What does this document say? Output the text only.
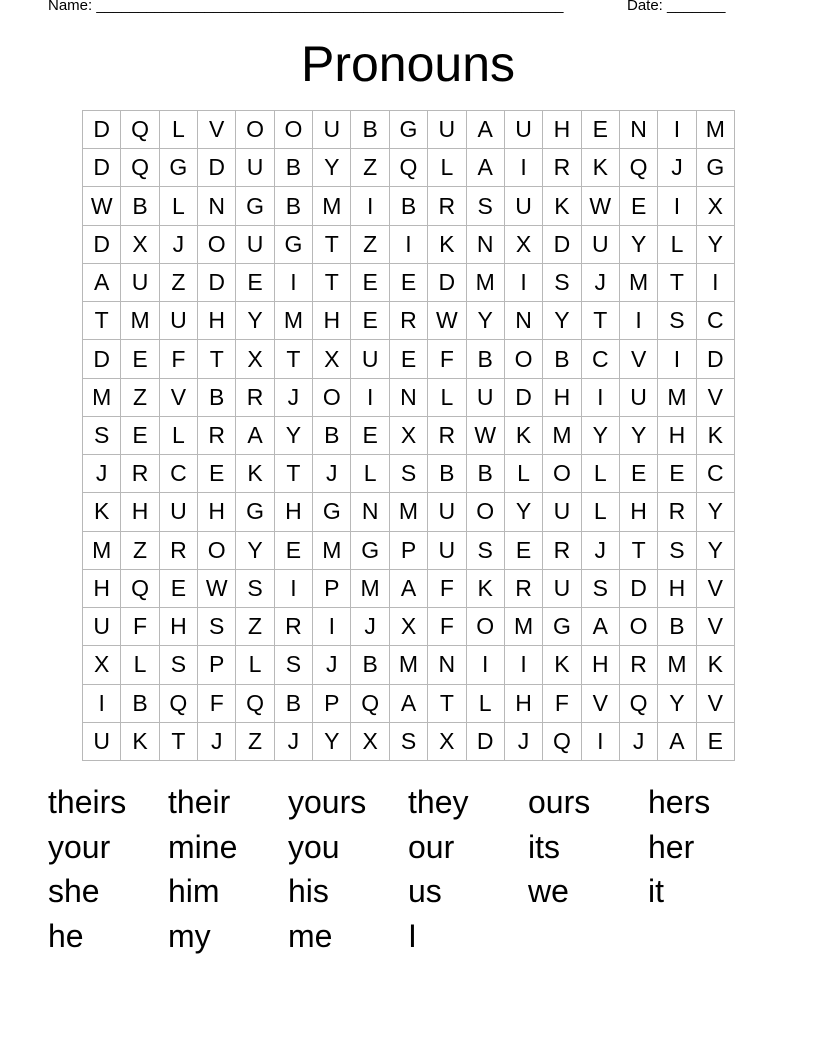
Name: ________________________________________________________	Date: _______
Pronouns
D Q	L	V O O U B G U A U H E N	I	M
D Q G D U B	Y	Z Q	L	A	I	R K Q	J	G
W B	L	N G B M	I	B R S U K W E	I	X
D X	J	O U G T	Z	I	K N X D U Y	L	Y
A U	Z	D E	I	T	E	E D M	I	S	J	M T	I
T M U H Y M H E R W Y N Y	T	I	S C
D E	F	T	X	T	X U E	F	B O B C V	I	D
M Z	V	B R	J	O	I	N	L	U D H	I	U M V
S	E	L	R A	Y	B	E	X R W K M Y	Y H K
J	R C E	K	T	J	L	S	B	B	L	O	L	E	E C
K H U H G H G N M U O Y U	L	H R Y
M Z	R O Y	E M G P U S	E R	J	T	S	Y
H Q E W S	I	P M A	F	K R U S D H V
U	F	H S	Z	R	I	J	X	F O M G A O B	V
X	L	S	P	L	S	J	B M N	I	I	K H R M K
I	B Q F Q B	P Q A	T	L	H	F	V Q Y	V
U K	T	J	Z	J	Y	X	S	X D	J	Q	I	J	A	E
theirs	their	yours	they	ours	hers
your	mine	you	our	its	her
she	him	his	us	we	it
he	my	me	I
